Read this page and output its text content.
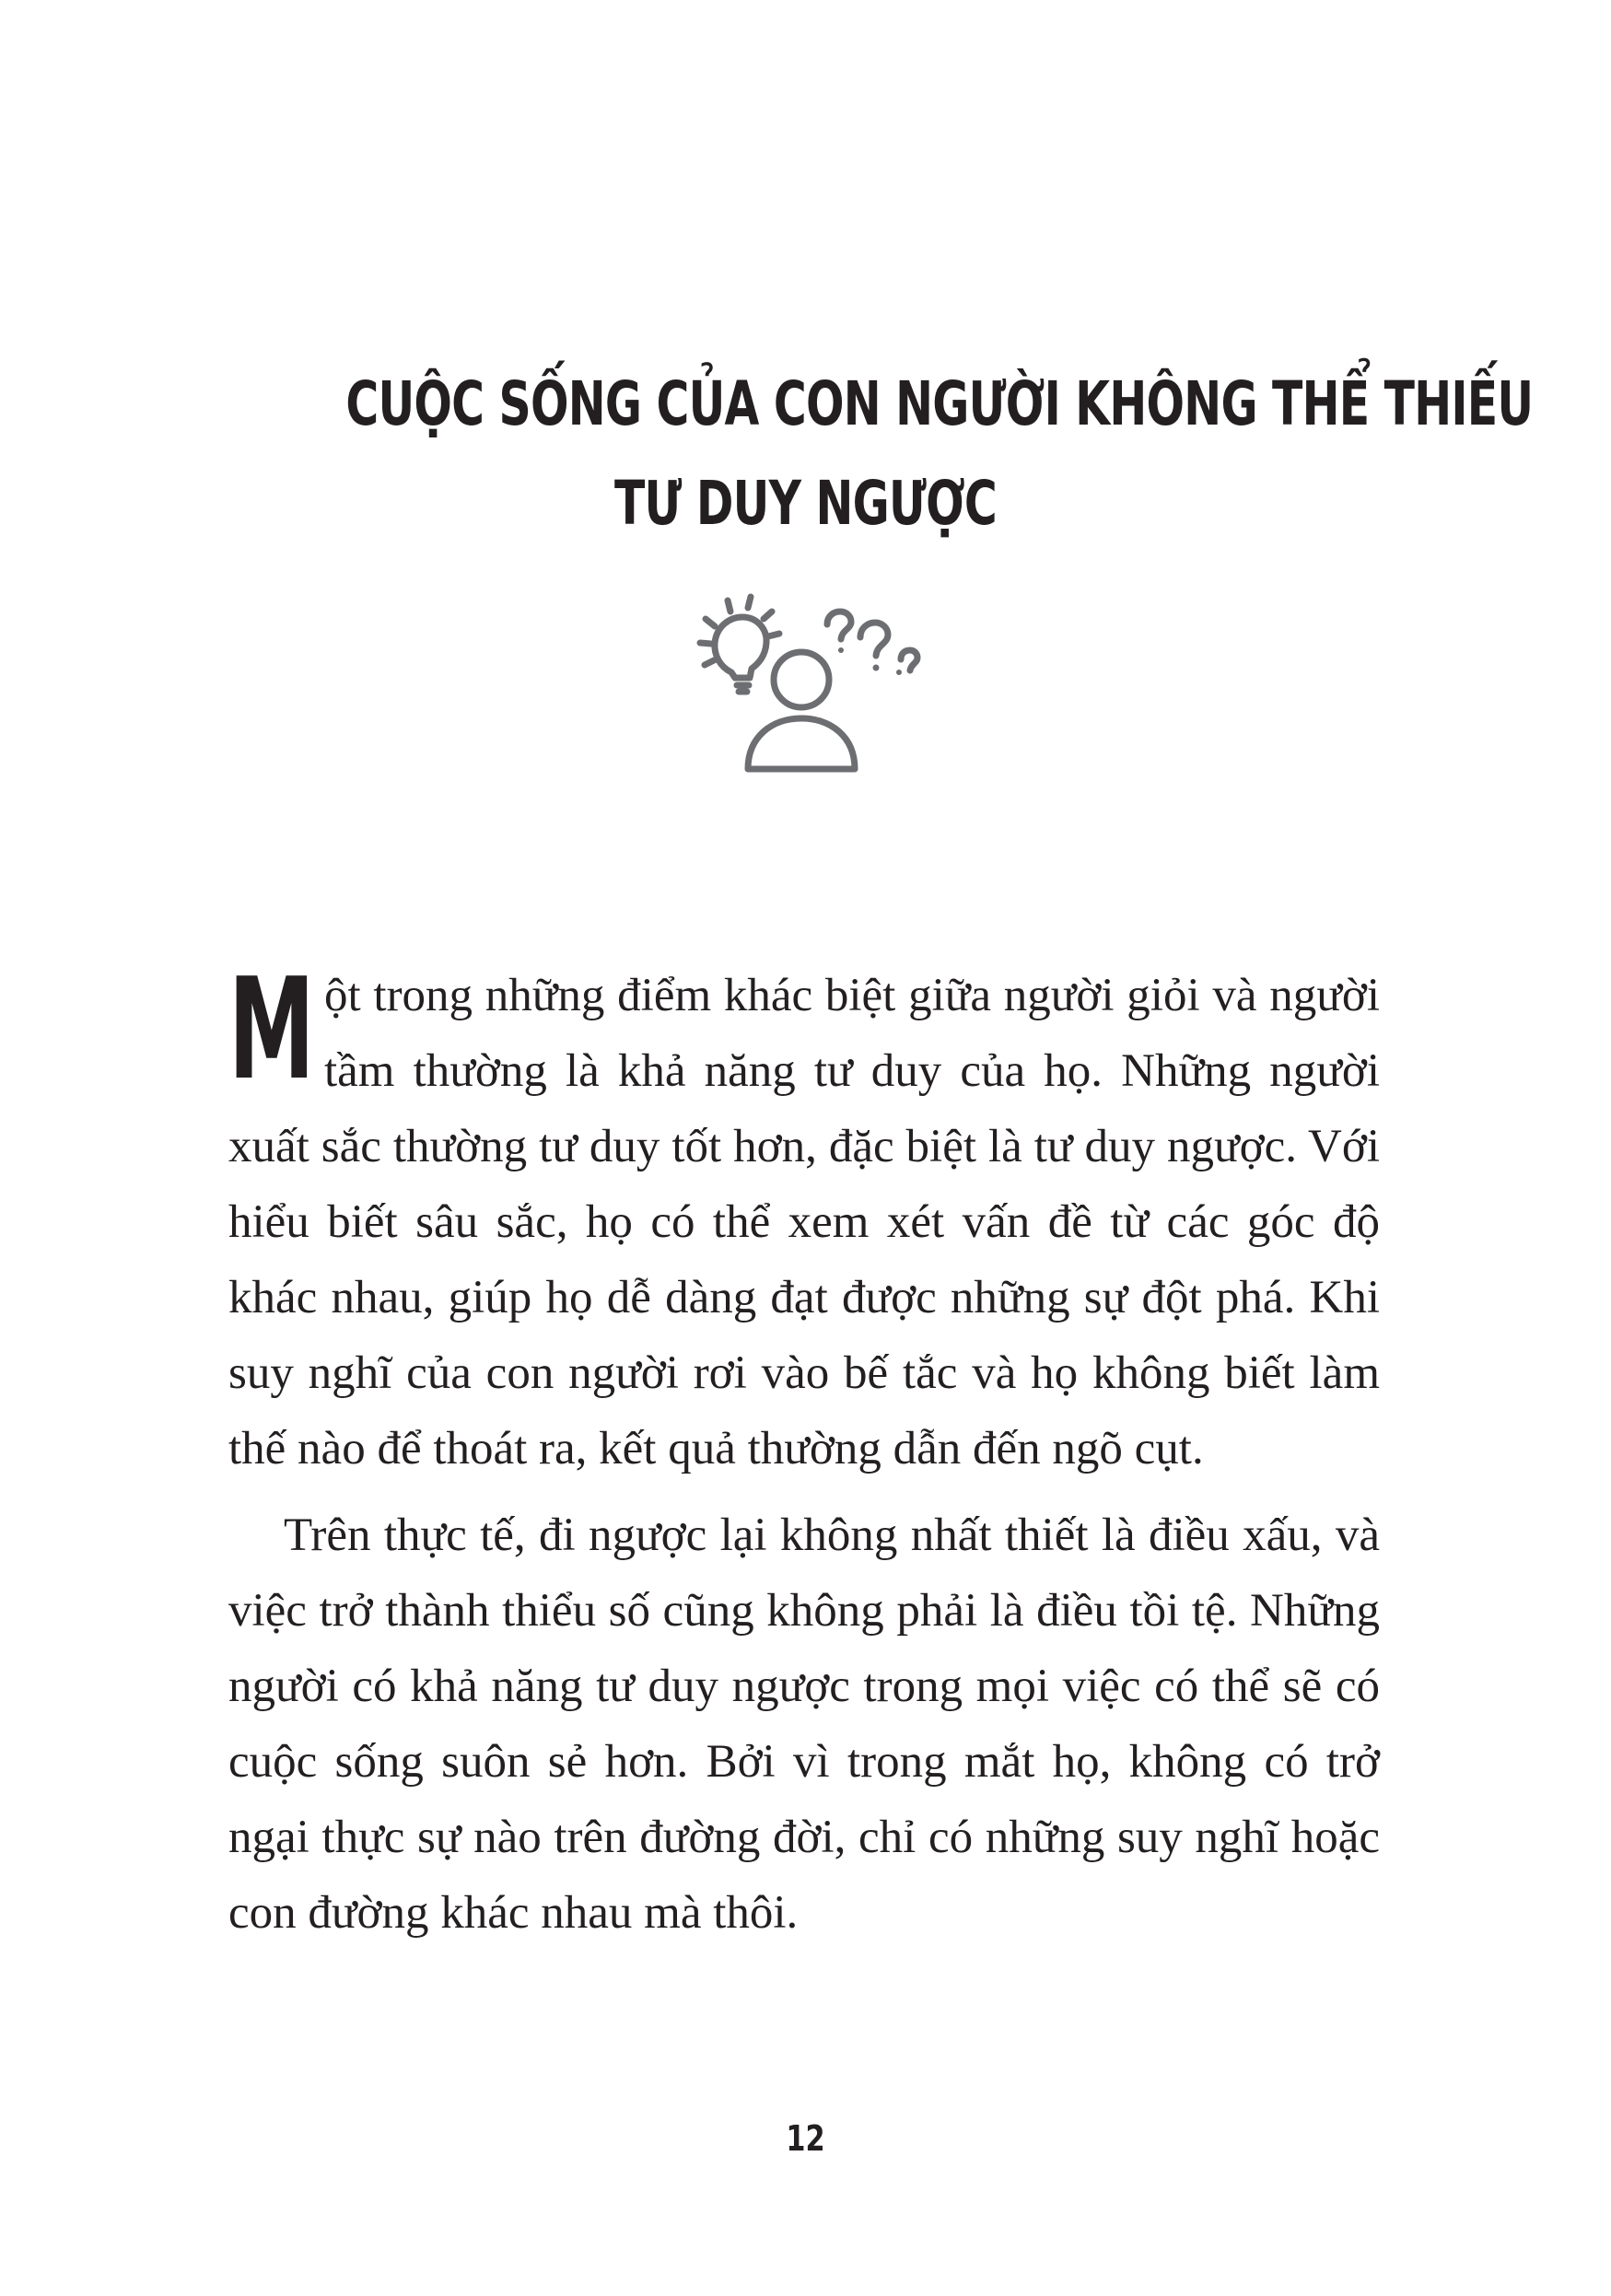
CUỘC SỐNG CỦA CON NGƯỜI KHÔNG THỂ THIẾU
TƯ DUY NGƯỢC

Một trong những điểm khác biệt giữa người giỏi và người tầm thường là khả năng tư duy của họ. Những người xuất sắc thường tư duy tốt hơn, đặc biệt là tư duy ngược. Với hiểu biết sâu sắc, họ có thể xem xét vấn đề từ các góc độ khác nhau, giúp họ dễ dàng đạt được những sự đột phá. Khi suy nghĩ của con người rơi vào bế tắc và họ không biết làm thế nào để thoát ra, kết quả thường dẫn đến ngõ cụt.

Trên thực tế, đi ngược lại không nhất thiết là điều xấu, và việc trở thành thiểu số cũng không phải là điều tồi tệ. Những người có khả năng tư duy ngược trong mọi việc có thể sẽ có cuộc sống suôn sẻ hơn. Bởi vì trong mắt họ, không có trở ngại thực sự nào trên đường đời, chỉ có những suy nghĩ hoặc con đường khác nhau mà thôi.

12
